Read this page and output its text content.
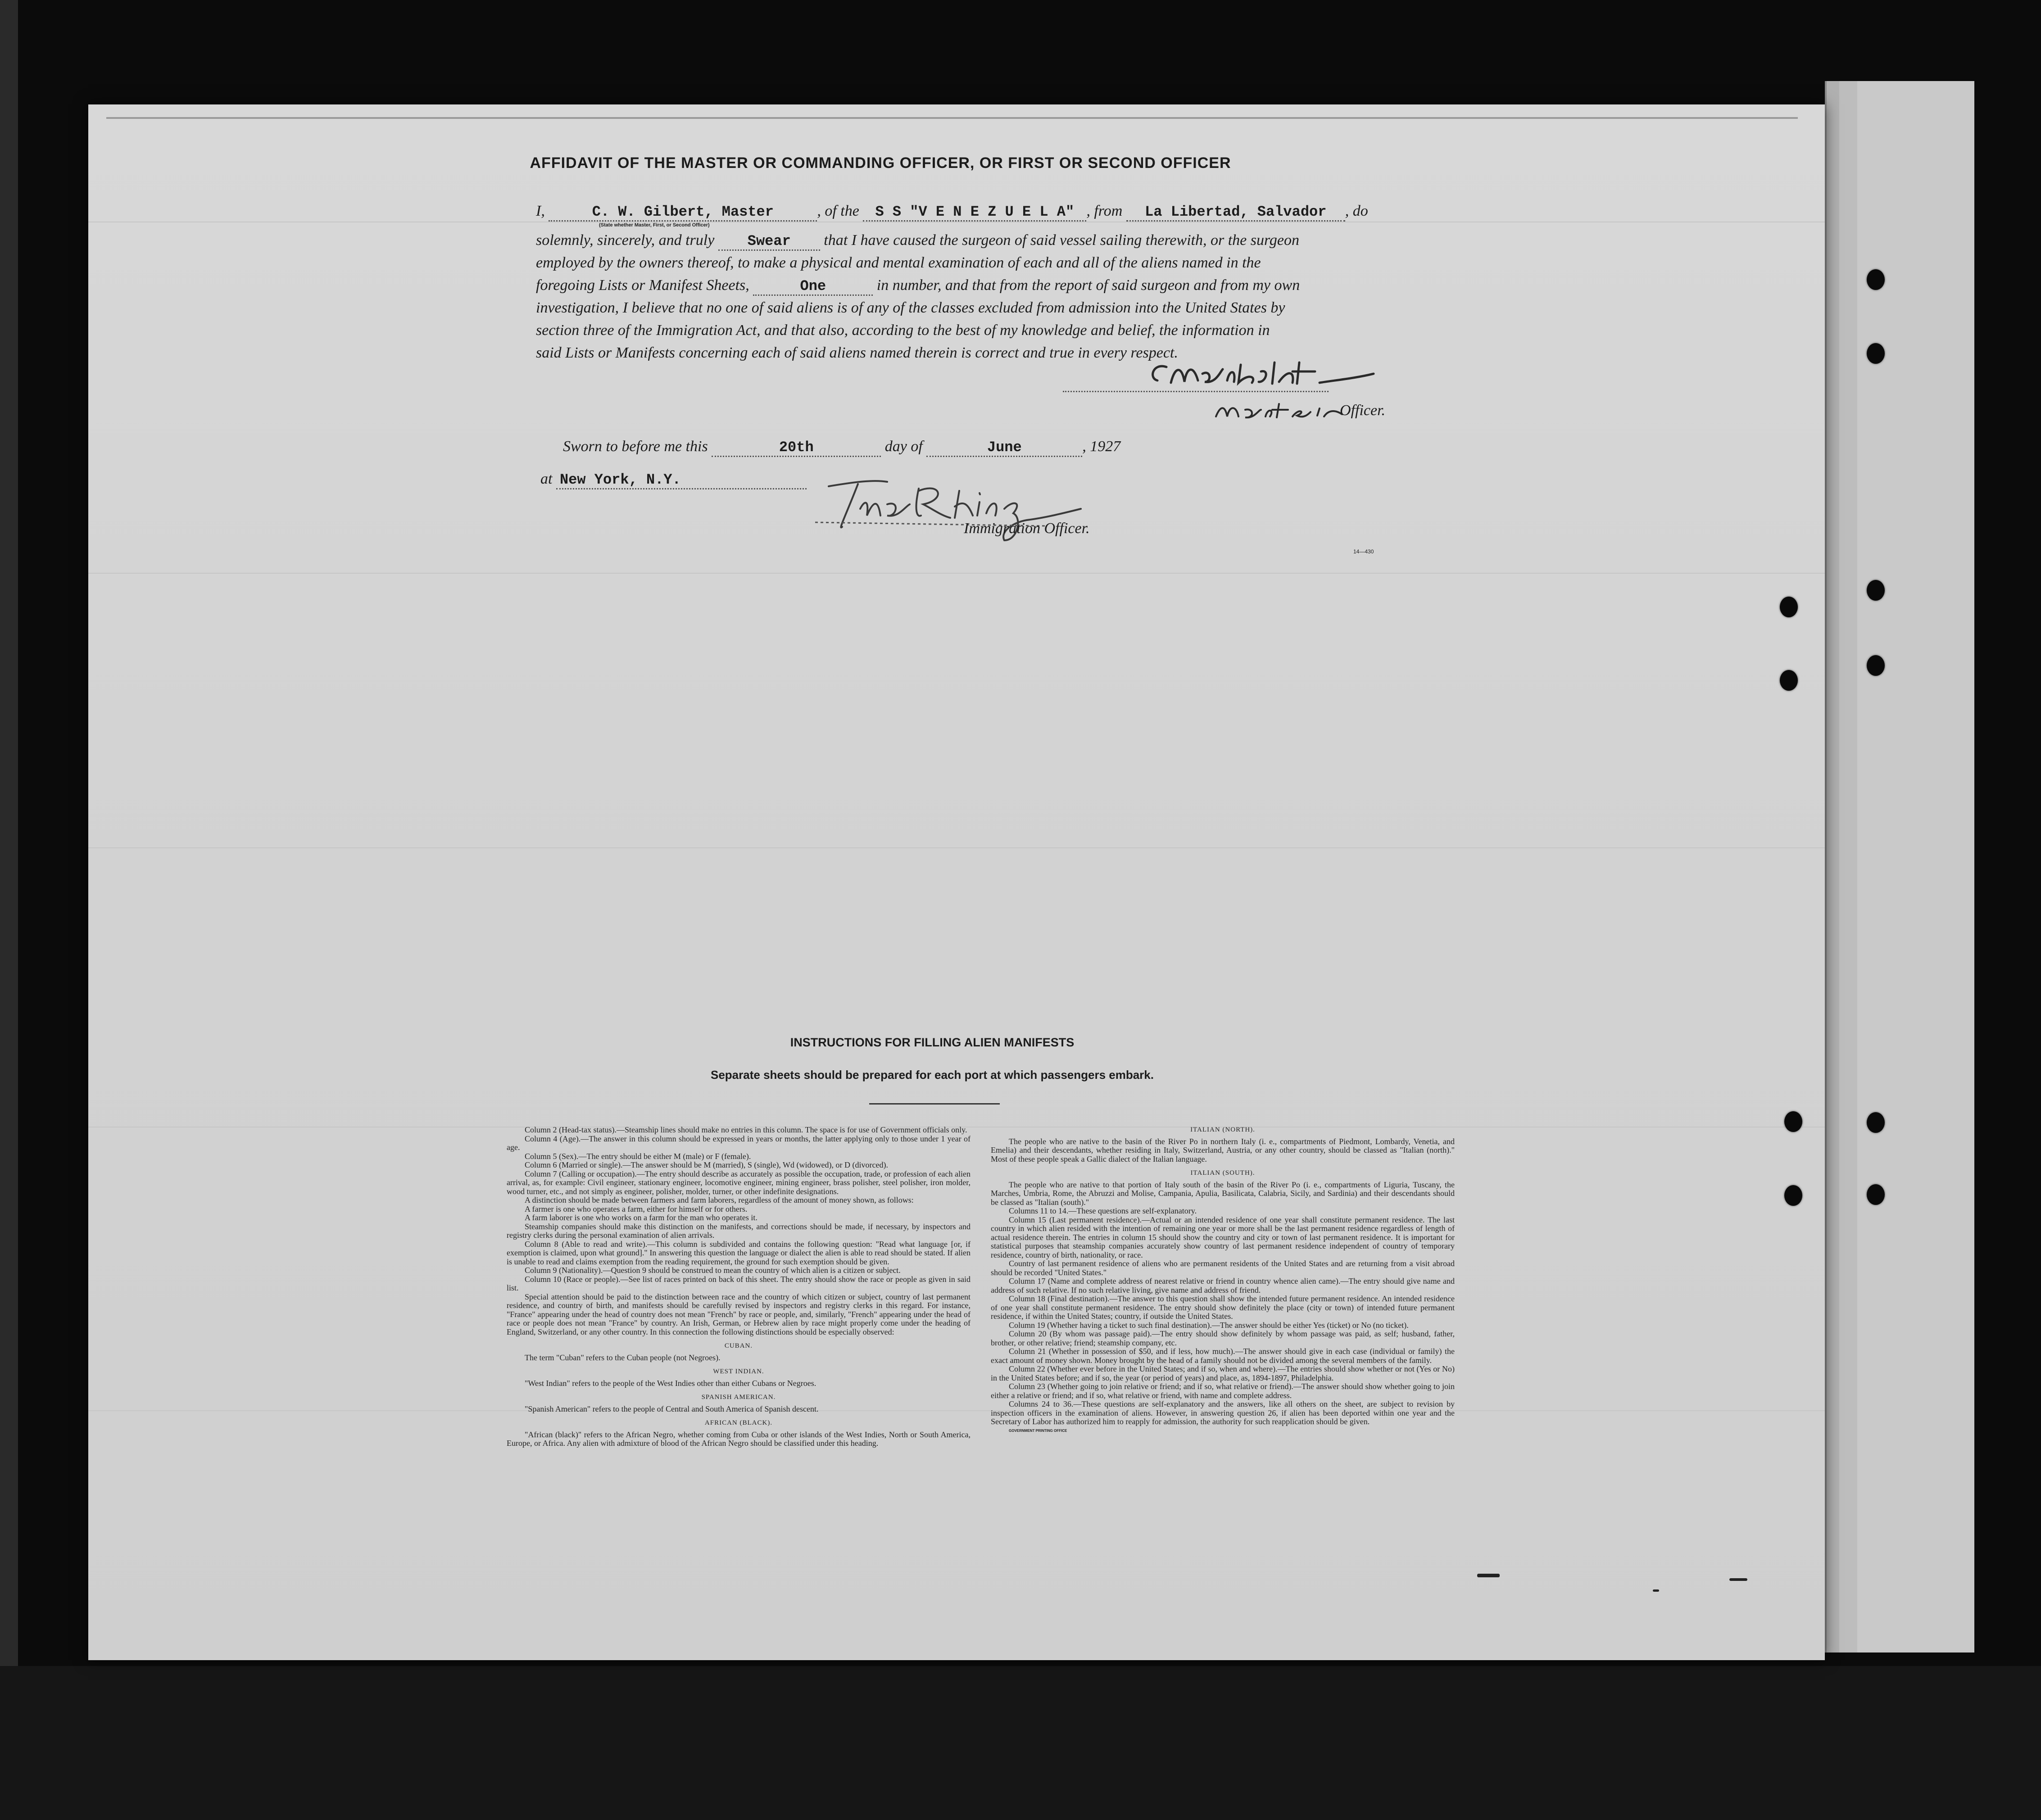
AFFIDAVIT OF THE MASTER OR COMMANDING OFFICER, OR FIRST OR SECOND OFFICER
I,	C. W. Gilbert, Master	, of the S S "V E N E Z U E L A" , from La Libertad, Salvador , do
(State whether Master, First, or Second Officer)
solemnly, sincerely, and truly Swear that I have caused the surgeon of said vessel sailing therewith, or the surgeon
employed by the owners thereof, to make a physical and mental examination of each and all of the aliens named in the
foregoing Lists or Manifest Sheets,	One	in number, and that from the report of said surgeon and from my own
investigation, I believe that no one of said aliens is of any of the classes excluded from admission into the United States by
section three of the Immigration Act, and that also, according to the best of my knowledge and belief, the information in
said Lists or Manifests concerning each of said aliens named therein is correct and true in every respect.
Officer.
Sworn to before me this	20th	day of	June	, 1927
at New York, N.Y.
Immigration Officer.
14—430
INSTRUCTIONS FOR FILLING ALIEN MANIFESTS
Separate sheets should be prepared for each port at which passengers embark.

Column 2 (Head-tax status).—Steamship lines should make no entries in this column. The space is for use of Government officials only.

Column 4 (Age).—The answer in this column should be expressed in years or months, the latter applying only to those under 1 year of age.

Column 5 (Sex).—The entry should be either M (male) or F (female).

Column 6 (Married or single).—The answer should be M (married), S (single), Wd (widowed), or D (divorced).

Column 7 (Calling or occupation).—The entry should describe as accurately as possible the occupation, trade, or profession of each alien arrival, as, for example: Civil engineer, stationary engineer, locomotive engineer, mining engineer, brass polisher, steel polisher, iron molder, wood turner, etc., and not simply as engineer, polisher, molder, turner, or other indefinite designations.

A distinction should be made between farmers and farm laborers, regardless of the amount of money shown, as follows:

A farmer is one who operates a farm, either for himself or for others.

A farm laborer is one who works on a farm for the man who operates it.

Steamship companies should make this distinction on the manifests, and corrections should be made, if necessary, by inspectors and registry clerks during the personal examination of alien arrivals.

Column 8 (Able to read and write).—This column is subdivided and contains the following question: "Read what language [or, if exemption is claimed, upon what ground]." In answering this question the language or dialect the alien is able to read should be stated. If alien is unable to read and claims exemption from the reading requirement, the ground for such exemption should be given.

Column 9 (Nationality).—Question 9 should be construed to mean the country of which alien is a citizen or subject.

Column 10 (Race or people).—See list of races printed on back of this sheet. The entry should show the race or people as given in said list.

Special attention should be paid to the distinction between race and the country of which citizen or subject, country of last permanent residence, and country of birth, and manifests should be carefully revised by inspectors and registry clerks in this regard. For instance, "France" appearing under the head of country does not mean "French" by race or people, and, similarly, "French" appearing under the head of race or people does not mean "France" by country. An Irish, German, or Hebrew alien by race might properly come under the heading of England, Switzerland, or any other country. In this connection the following distinctions should be especially observed:

CUBAN.

The term "Cuban" refers to the Cuban people (not Negroes).

WEST INDIAN.

"West Indian" refers to the people of the West Indies other than either Cubans or Negroes.

SPANISH AMERICAN.

"Spanish American" refers to the people of Central and South America of Spanish descent.

AFRICAN (BLACK).

"African (black)" refers to the African Negro, whether coming from Cuba or other islands of the West Indies, North or South America, Europe, or Africa. Any alien with admixture of blood of the African Negro should be classified under this heading.

ITALIAN (NORTH).

The people who are native to the basin of the River Po in northern Italy (i. e., compartments of Piedmont, Lombardy, Venetia, and Emelia) and their descendants, whether residing in Italy, Switzerland, Austria, or any other country, should be classed as "Italian (north)." Most of these people speak a Gallic dialect of the Italian language.

ITALIAN (SOUTH).

The people who are native to that portion of Italy south of the basin of the River Po (i. e., compartments of Liguria, Tuscany, the Marches, Umbria, Rome, the Abruzzi and Molise, Campania, Apulia, Basilicata, Calabria, Sicily, and Sardinia) and their descendants should be classed as "Italian (south)."

Columns 11 to 14.—These questions are self-explanatory.

Column 15 (Last permanent residence).—Actual or an intended residence of one year shall constitute permanent residence. The last country in which alien resided with the intention of remaining one year or more shall be the last permanent residence regardless of length of actual residence therein. The entries in column 15 should show the country and city or town of last permanent residence. It is important for statistical purposes that steamship companies accurately show country of last permanent residence independent of country of temporary residence, country of birth, nationality, or race.

Country of last permanent residence of aliens who are permanent residents of the United States and are returning from a visit abroad should be recorded "United States."

Column 17 (Name and complete address of nearest relative or friend in country whence alien came).—The entry should give name and address of such relative. If no such relative living, give name and address of friend.

Column 18 (Final destination).—The answer to this question shall show the intended future permanent residence. An intended residence of one year shall constitute permanent residence. The entry should show definitely the place (city or town) of intended future permanent residence, if within the United States; country, if outside the United States.

Column 19 (Whether having a ticket to such final destination).—The answer should be either Yes (ticket) or No (no ticket).

Column 20 (By whom was passage paid).—The entry should show definitely by whom passage was paid, as self; husband, father, brother, or other relative; friend; steamship company, etc.

Column 21 (Whether in possession of $50, and if less, how much).—The answer should give in each case (individual or family) the exact amount of money shown. Money brought by the head of a family should not be divided among the several members of the family.

Column 22 (Whether ever before in the United States; and if so, when and where).—The entries should show whether or not (Yes or No) in the United States before; and if so, the year (or period of years) and place, as, 1894-1897, Philadelphia.

Column 23 (Whether going to join relative or friend; and if so, what relative or friend).—The answer should show whether going to join either a relative or friend; and if so, what relative or friend, with name and complete address.

Columns 24 to 36.—These questions are self-explanatory and the answers, like all others on the sheet, are subject to revision by inspection officers in the examination of aliens. However, in answering question 26, if alien has been deported within one year and the Secretary of Labor has authorized him to reapply for admission, the authority for such reapplication should be given.

GOVERNMENT PRINTING OFFICE
